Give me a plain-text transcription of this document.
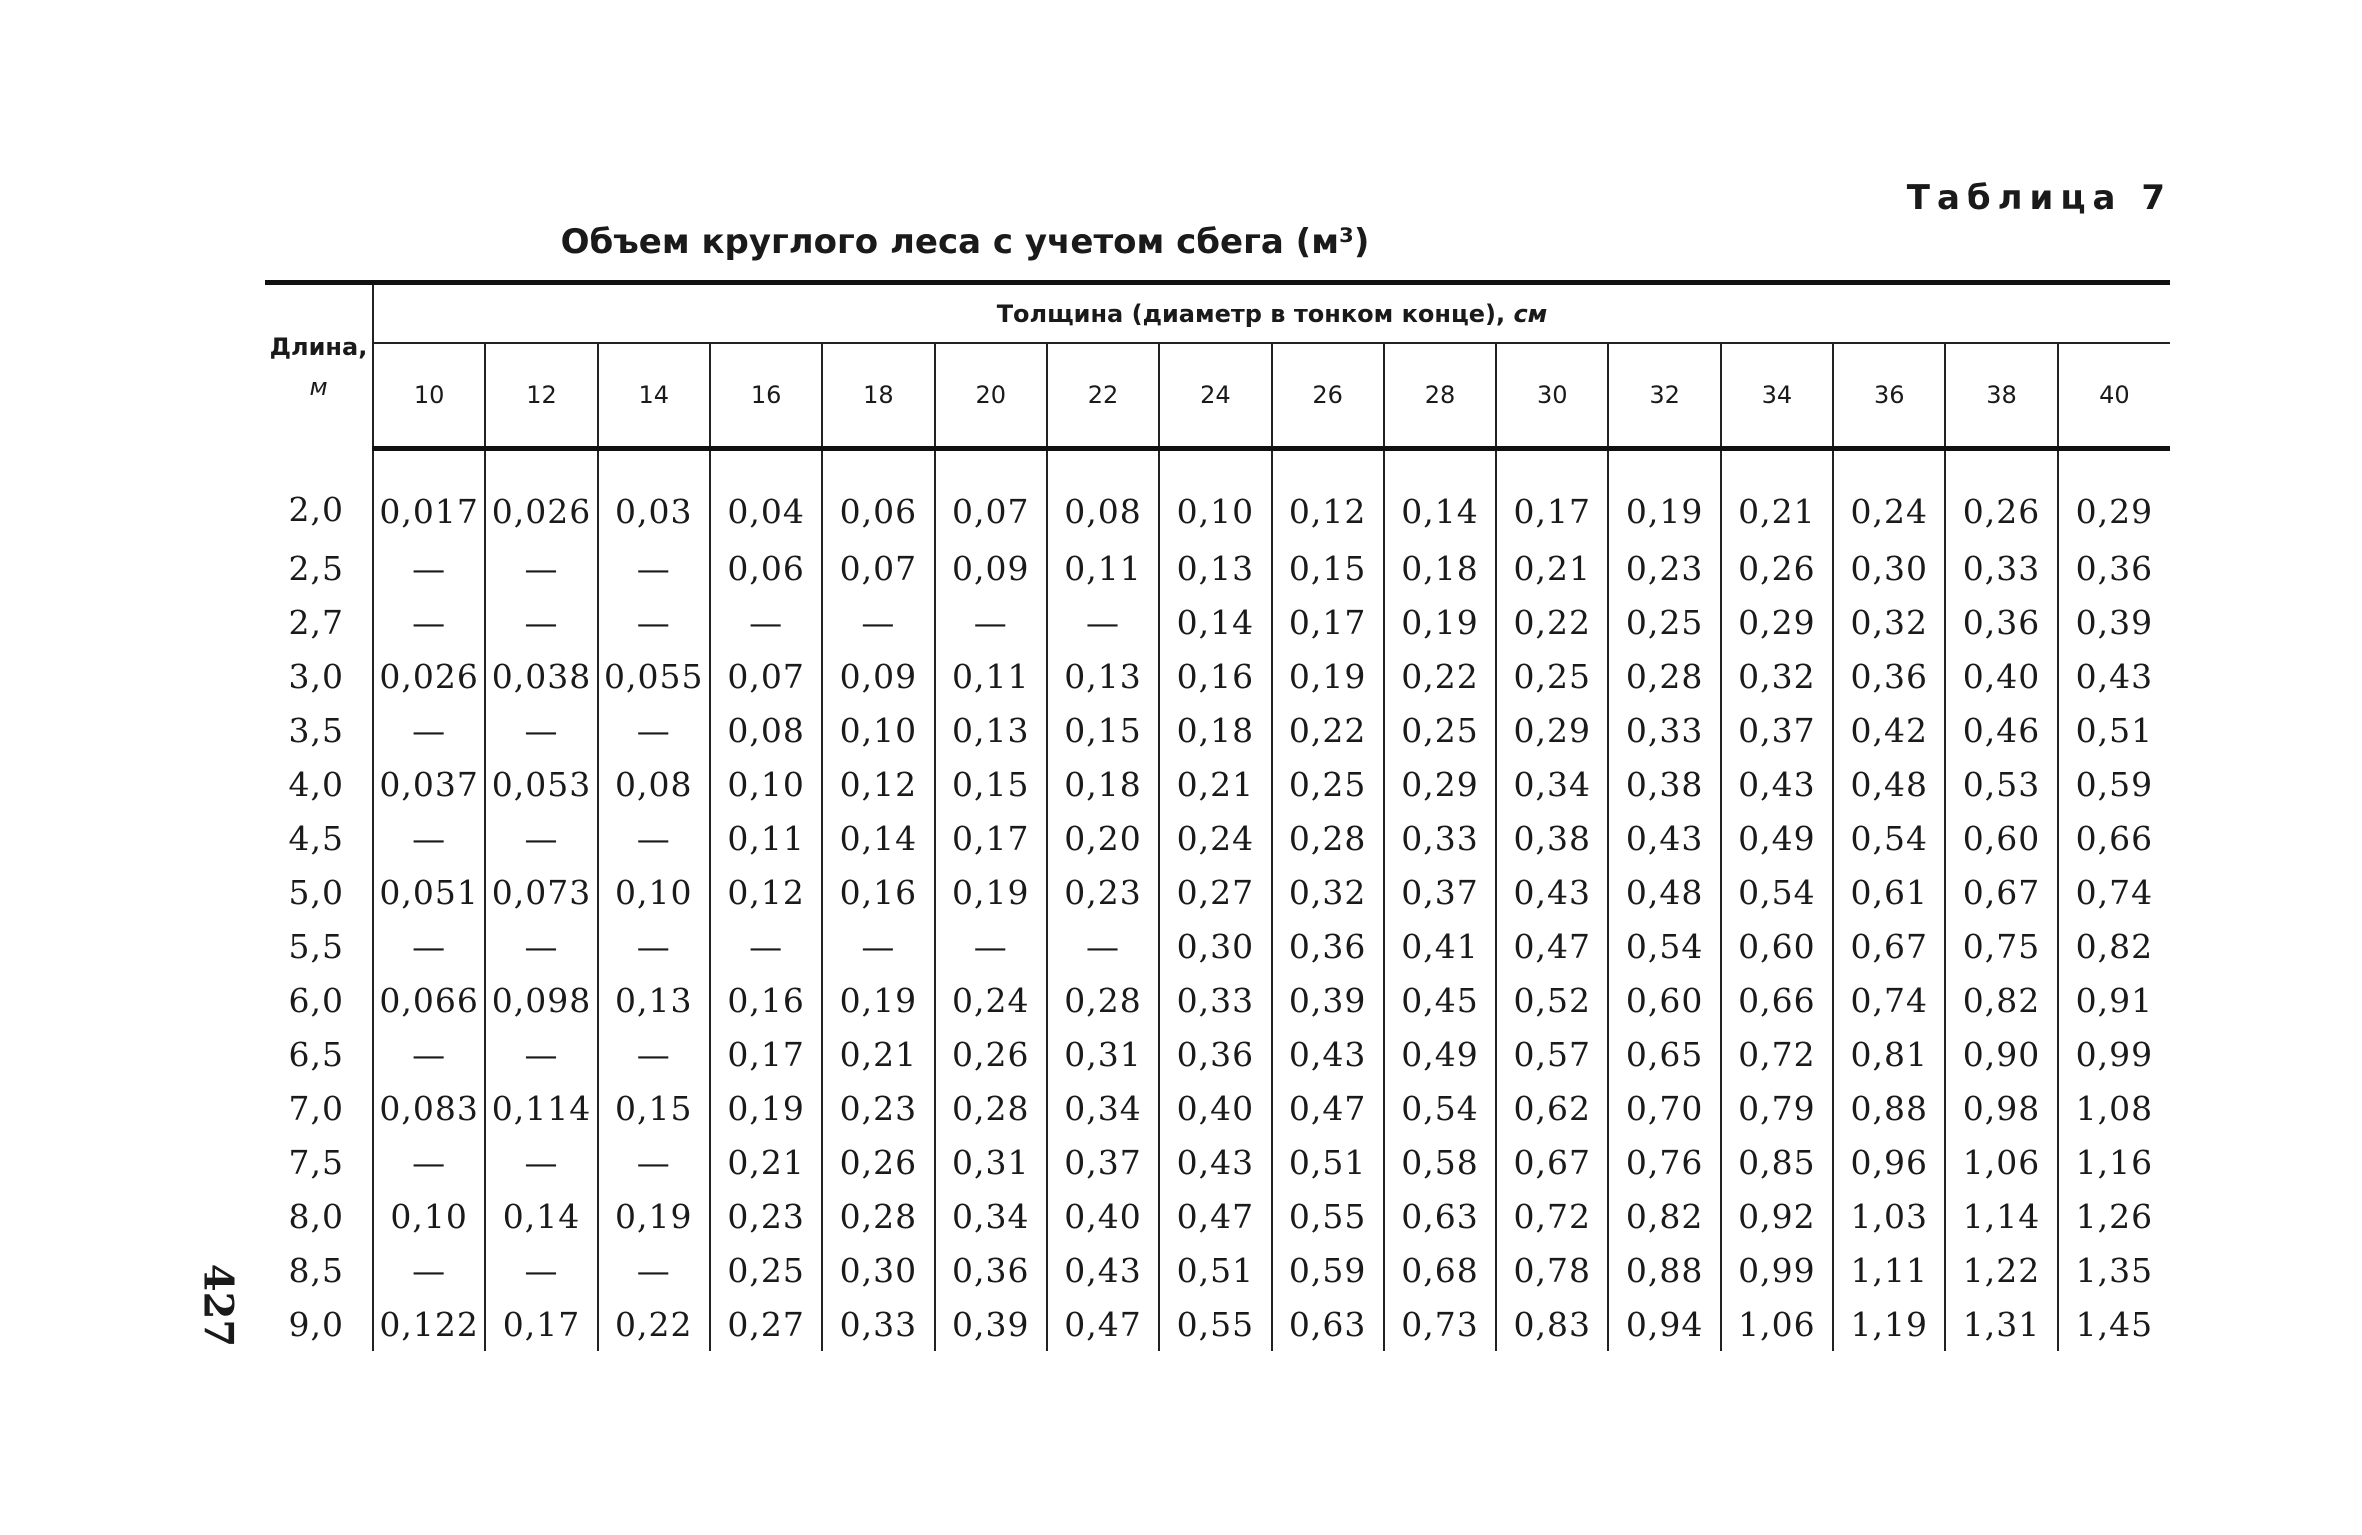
Таблица 7
Объем круглого леса с учетом сбега (м³)
Длина,
м	Толщина (диаметр в тонком конце), см															
	10	12	14	16	18	20	22	24	26	28	30	32	34	36	38	40
2,0	0,017	0,026	0,03	0,04	0,06	0,07	0,08	0,10	0,12	0,14	0,17	0,19	0,21	0,24	0,26	0,29
2,5	—	—	—	0,06	0,07	0,09	0,11	0,13	0,15	0,18	0,21	0,23	0,26	0,30	0,33	0,36
2,7	—	—	—	—	—	—	—	0,14	0,17	0,19	0,22	0,25	0,29	0,32	0,36	0,39
3,0	0,026	0,038	0,055	0,07	0,09	0,11	0,13	0,16	0,19	0,22	0,25	0,28	0,32	0,36	0,40	0,43
3,5	—	—	—	0,08	0,10	0,13	0,15	0,18	0,22	0,25	0,29	0,33	0,37	0,42	0,46	0,51
4,0	0,037	0,053	0,08	0,10	0,12	0,15	0,18	0,21	0,25	0,29	0,34	0,38	0,43	0,48	0,53	0,59
4,5	—	—	—	0,11	0,14	0,17	0,20	0,24	0,28	0,33	0,38	0,43	0,49	0,54	0,60	0,66
5,0	0,051	0,073	0,10	0,12	0,16	0,19	0,23	0,27	0,32	0,37	0,43	0,48	0,54	0,61	0,67	0,74
5,5	—	—	—	—	—	—	—	0,30	0,36	0,41	0,47	0,54	0,60	0,67	0,75	0,82
6,0	0,066	0,098	0,13	0,16	0,19	0,24	0,28	0,33	0,39	0,45	0,52	0,60	0,66	0,74	0,82	0,91
6,5	—	—	—	0,17	0,21	0,26	0,31	0,36	0,43	0,49	0,57	0,65	0,72	0,81	0,90	0,99
7,0	0,083	0,114	0,15	0,19	0,23	0,28	0,34	0,40	0,47	0,54	0,62	0,70	0,79	0,88	0,98	1,08
7,5	—	—	—	0,21	0,26	0,31	0,37	0,43	0,51	0,58	0,67	0,76	0,85	0,96	1,06	1,16
8,0	0,10	0,14	0,19	0,23	0,28	0,34	0,40	0,47	0,55	0,63	0,72	0,82	0,92	1,03	1,14	1,26
8,5	—	—	—	0,25	0,30	0,36	0,43	0,51	0,59	0,68	0,78	0,88	0,99	1,11	1,22	1,35
9,0	0,122	0,17	0,22	0,27	0,33	0,39	0,47	0,55	0,63	0,73	0,83	0,94	1,06	1,19	1,31	1,45
427
